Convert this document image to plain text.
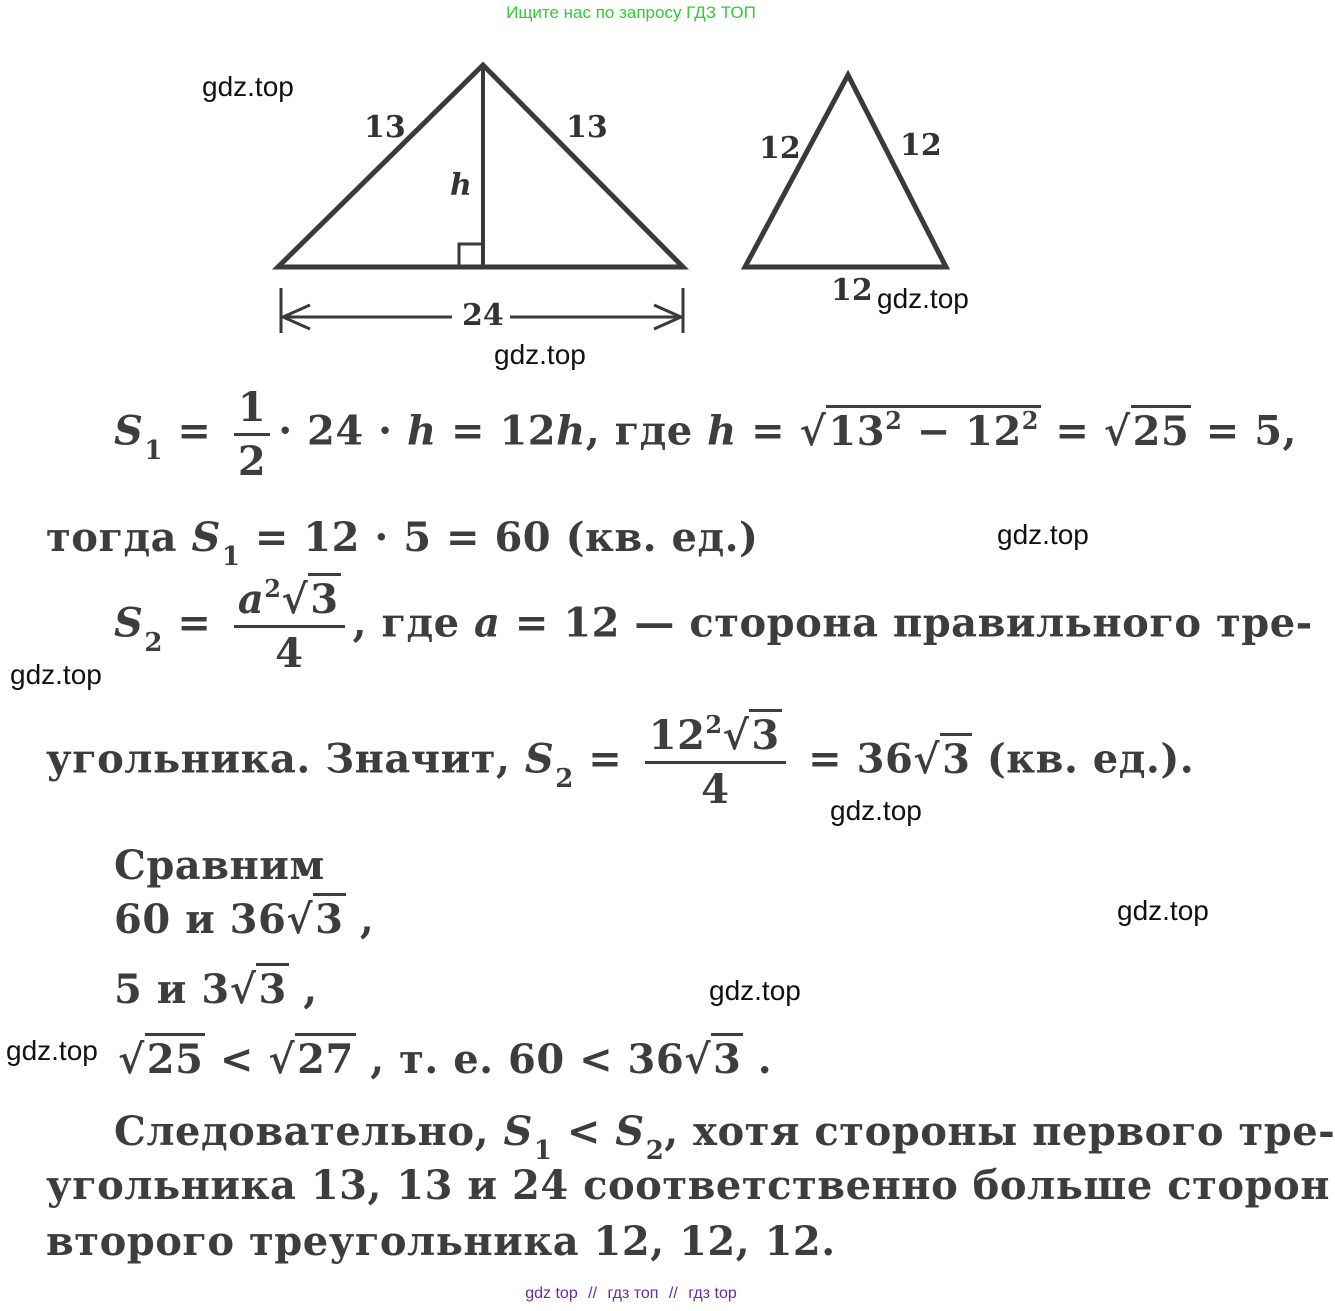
Ищите нас по запросу ГДЗ ТОП
13	13
h
24
12	12
12
$S_1 = \frac{1}{2} \cdot 24 \cdot h = 12h$, где $h = √13^2 - 12^2 = √25 = 5$,
тогда $S_1 = 12 \cdot 5 = 60$ (кв. ед.)
$S_2 = \frac{a^2√3}{4}$ , где a = 12 — сторона правильного тре-
угольника. Значит, $S_2 = \frac{12^2√3}{4} = 36√3$ (кв. ед.).
Сравним
60 и 36√3 ,
5 и 3√3 ,
√25 < √27 , т. е. 60 < 36√3 .
Следовательно, $S_1 < S_2$, хотя стороны первого тре-
угольника 13, 13 и 24 соответственно больше сторон
второго треугольника 12, 12, 12.
gdz.top
gdz.top
gdz.top
gdz.top
gdz.top
gdz.top
gdz.top
gdz.top
gdz.top
gdz top // гдз топ // гдз top
